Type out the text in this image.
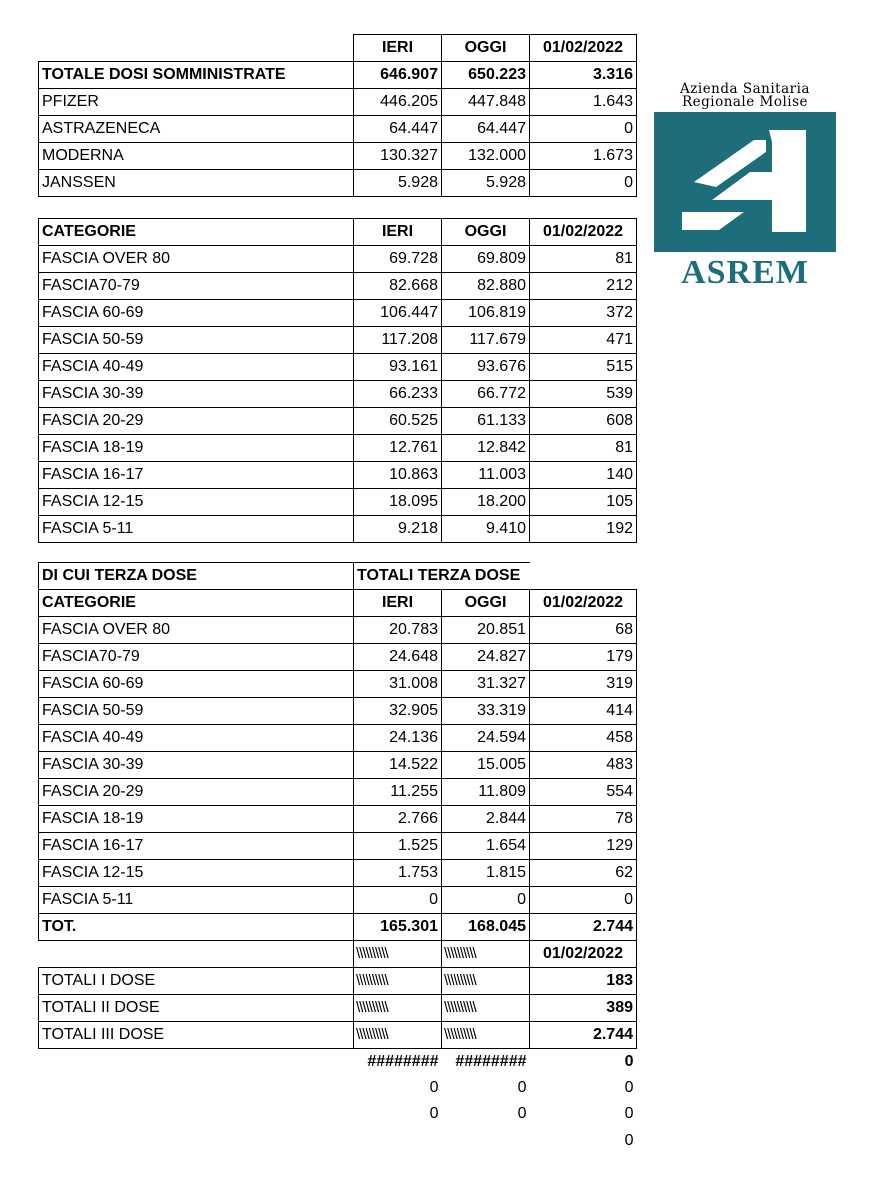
	IERI	OGGI	01/02/2022
TOTALE DOSI SOMMINISTRATE	646.907	650.223	3.316
PFIZER	446.205	447.848	1.643
ASTRAZENECA	64.447	64.447	0
MODERNA	130.327	132.000	1.673
JANSSEN	5.928	5.928	0
CATEGORIE	IERI	OGGI	01/02/2022
FASCIA OVER 80	69.728	69.809	81
FASCIA70-79	82.668	82.880	212
FASCIA 60-69	106.447	106.819	372
FASCIA 50-59	117.208	117.679	471
FASCIA 40-49	93.161	93.676	515
FASCIA 30-39	66.233	66.772	539
FASCIA 20-29	60.525	61.133	608
FASCIA 18-19	12.761	12.842	81
FASCIA 16-17	10.863	11.003	140
FASCIA 12-15	18.095	18.200	105
FASCIA 5-11	9.218	9.410	192
DI CUI TERZA DOSE	TOTALI TERZA DOSE		
CATEGORIE	IERI	OGGI	01/02/2022
FASCIA OVER 80	20.783	20.851	68
FASCIA70-79	24.648	24.827	179
FASCIA 60-69	31.008	31.327	319
FASCIA 50-59	32.905	33.319	414
FASCIA 40-49	24.136	24.594	458
FASCIA 30-39	14.522	15.005	483
FASCIA 20-29	11.255	11.809	554
FASCIA 18-19	2.766	2.844	78
FASCIA 16-17	1.525	1.654	129
FASCIA 12-15	1.753	1.815	62
FASCIA 5-11	0	0	0
TOT.	165.301	168.045	2.744
	\\\\\\\\\\	\\\\\\\\\\	01/02/2022
TOTALI I DOSE	\\\\\\\\\\	\\\\\\\\\\	183
TOTALI II DOSE	\\\\\\\\\\	\\\\\\\\\\	389
TOTALI III DOSE	\\\\\\\\\\	\\\\\\\\\\	2.744
	########	########	0
	0	0	0
	0	0	0
			0
Azienda Sanitaria
Regionale Molise
ASREM
